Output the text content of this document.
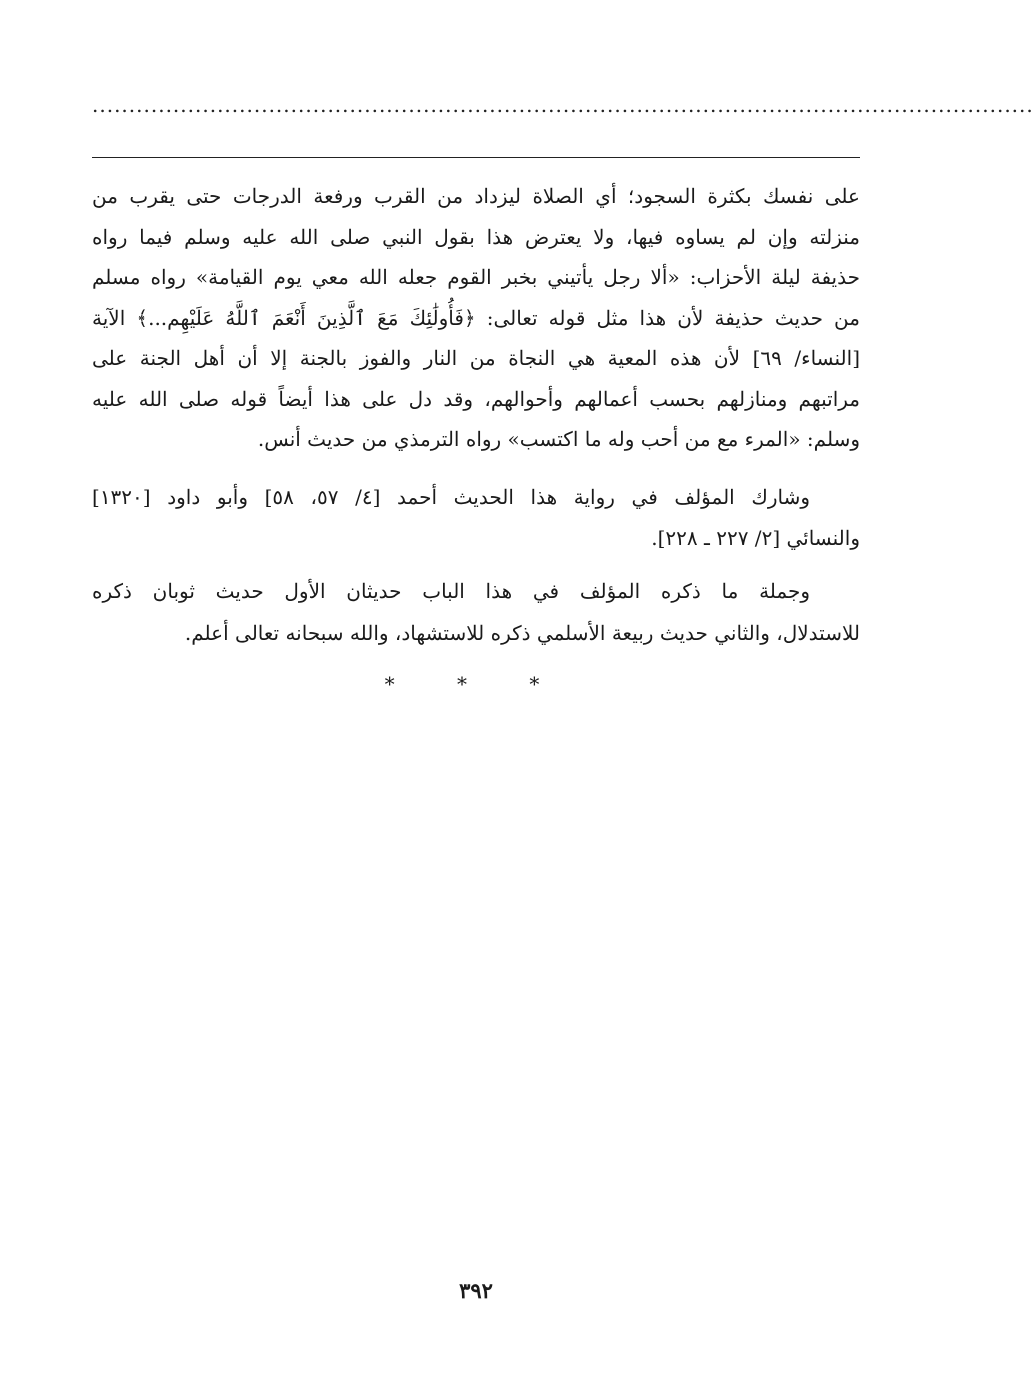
................................................................................................................................
على نفسك بكثرة السجود؛ أي الصلاة ليزداد من القرب ورفعة الدرجات حتى يقرب من
منزلته وإن لم يساوه فيها، ولا يعترض هذا بقول النبي صلى الله عليه وسلم فيما رواه
حذيفة ليلة الأحزاب: «ألا رجل يأتيني بخبر القوم جعله الله معي يوم القيامة» رواه مسلم
من حديث حذيفة لأن هذا مثل قوله تعالى: ﴿فَأُولَٰئِكَ مَعَ ٱلَّذِينَ أَنْعَمَ ٱللَّهُ عَلَيْهِم...﴾ الآية
[النساء/ ٦٩] لأن هذه المعية هي النجاة من النار والفوز بالجنة إلا أن أهل الجنة على
مراتبهم ومنازلهم بحسب أعمالهم وأحوالهم، وقد دل على هذا أيضاً قوله صلى الله عليه
وسلم: «المرء مع من أحب وله ما اكتسب» رواه الترمذي من حديث أنس.
وشارك المؤلف في رواية هذا الحديث أحمد [٤/ ٥٧، ٥٨] وأبو داود [١٣٢٠]
والنسائي [٢/ ٢٢٧ ـ ٢٢٨].
وجملة ما ذكره المؤلف في هذا الباب حديثان الأول حديث ثوبان ذكره
للاستدلال، والثاني حديث ربيعة الأسلمي ذكره للاستشهاد، والله سبحانه تعالى أعلم.
* * *
٣٩٢
